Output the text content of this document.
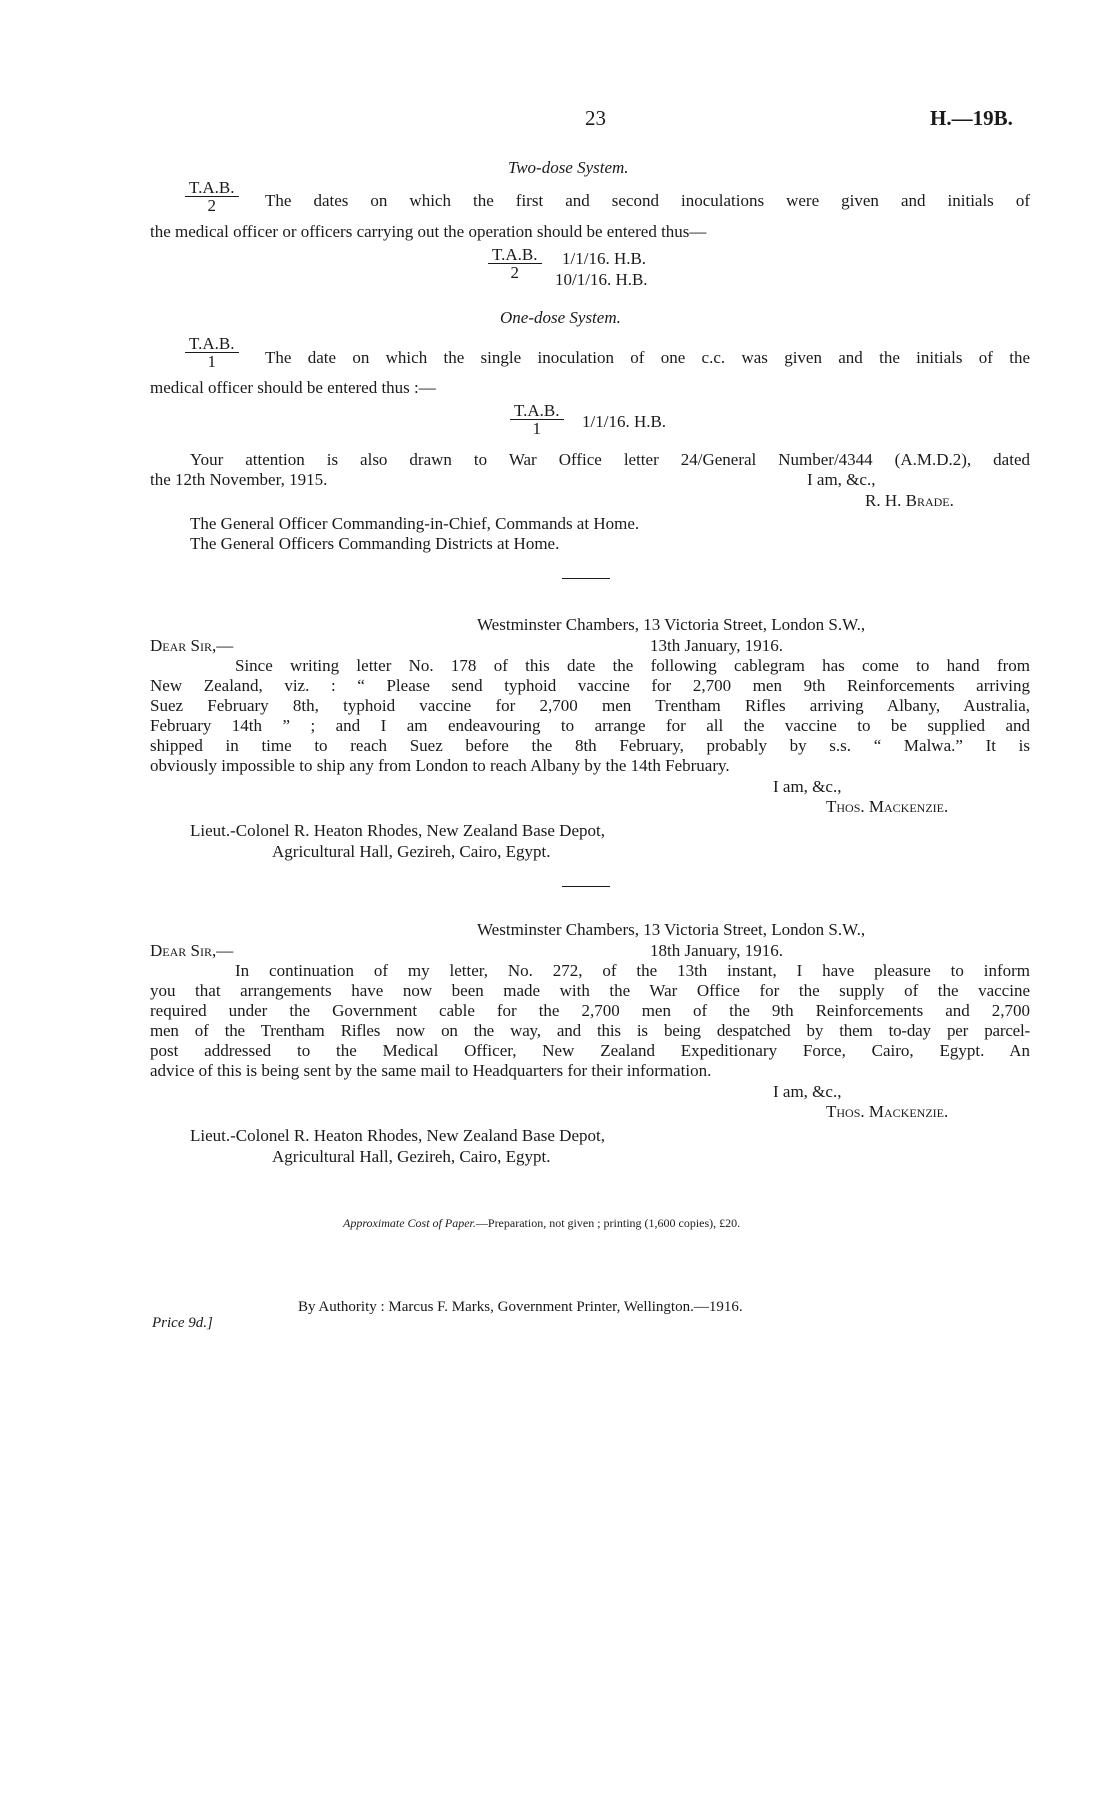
23	H.—19B.
Two-dose System.
$\frac{T.A.B.}{2}$ The dates on which the first and second inoculations were given and initials of
the medical officer or officers carrying out the operation should be entered thus—
$\frac{T.A.B.}{2} 1/1/16$. H.B.
10/1/16. H.B.
One-dose System.
$\frac{T.A.B.}{1}$ The date on which the single inoculation of one c.c. was given and the initials of the
medical officer should be entered thus :—
$\frac{T.A.B.}{1} 1/1/16$. H.B.
Your attention is also drawn to War Office letter 24/General Number/4344 (A.M.D.2), dated
the 12th November, 1915.	I am, &c.,
R. H. Brade.
The General Officer Commanding-in-Chief, Commands at Home.
The General Officers Commanding Districts at Home.
Westminster Chambers, 13 Victoria Street, London S.W.,
Dear Sir,—	13th January, 1916.
Since writing letter No. 178 of this date the following cablegram has come to hand from
New Zealand, viz. : “ Please send typhoid vaccine for 2,700 men 9th Reinforcements arriving
Suez February 8th, typhoid vaccine for 2,700 men Trentham Rifles arriving Albany, Australia,
February 14th ” ; and I am endeavouring to arrange for all the vaccine to be supplied and
shipped in time to reach Suez before the 8th February, probably by s.s. “ Malwa.” It is
obviously impossible to ship any from London to reach Albany by the 14th February.
I am, &c.,
Thos. Mackenzie.
Lieut.-Colonel R. Heaton Rhodes, New Zealand Base Depot,
Agricultural Hall, Gezireh, Cairo, Egypt.
Westminster Chambers, 13 Victoria Street, London S.W.,
Dear Sir,—	18th January, 1916.
In continuation of my letter, No. 272, of the 13th instant, I have pleasure to inform
you that arrangements have now been made with the War Office for the supply of the vaccine
required under the Government cable for the 2,700 men of the 9th Reinforcements and 2,700
men of the Trentham Rifles now on the way, and this is being despatched by them to-day per parcel-
post addressed to the Medical Officer, New Zealand Expeditionary Force, Cairo, Egypt. An
advice of this is being sent by the same mail to Headquarters for their information.
I am, &c.,
Thos. Mackenzie.
Lieut.-Colonel R. Heaton Rhodes, New Zealand Base Depot,
Agricultural Hall, Gezireh, Cairo, Egypt.
Approximate Cost of Paper.—Preparation, not given ; printing (1,600 copies), £20.
Price 9d.]
By Authority : Marcus F. Marks, Government Printer, Wellington.—1916.
